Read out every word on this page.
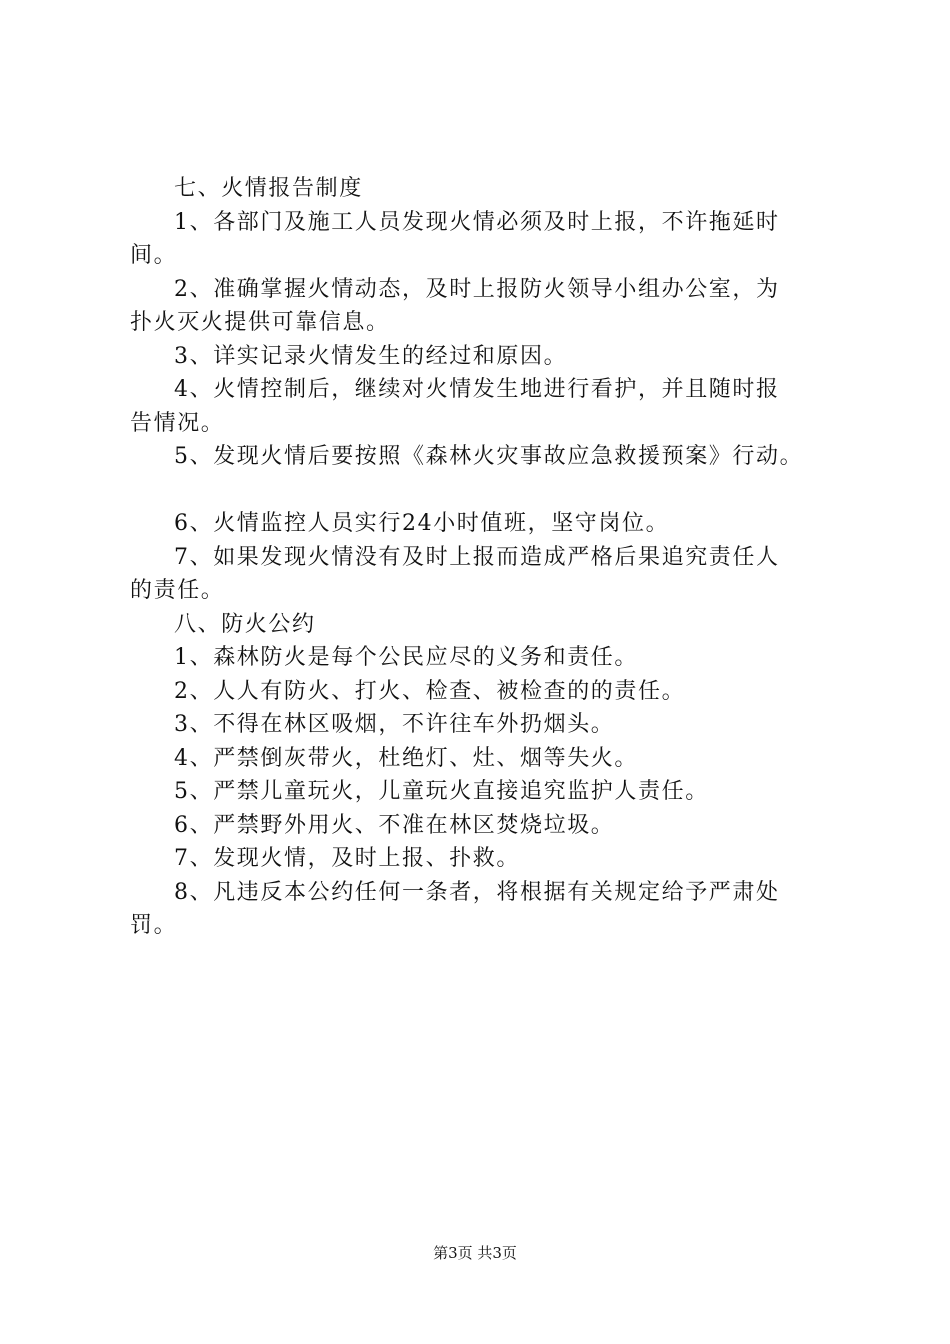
七、火情报告制度
1、各部门及施工人员发现火情必须及时上报，不许拖延时
间。
2、准确掌握火情动态，及时上报防火领导小组办公室，为
扑火灭火提供可靠信息。
3、详实记录火情发生的经过和原因。
4、火情控制后，继续对火情发生地进行看护，并且随时报
告情况。
5、发现火情后要按照《森林火灾事故应急救援预案》行动。
6、火情监控人员实行24小时值班，坚守岗位。
7、如果发现火情没有及时上报而造成严格后果追究责任人
的责任。
八、防火公约
1、森林防火是每个公民应尽的义务和责任。
2、人人有防火、打火、检查、被检查的的责任。
3、不得在林区吸烟，不许往车外扔烟头。
4、严禁倒灰带火，杜绝灯、灶、烟等失火。
5、严禁儿童玩火，儿童玩火直接追究监护人责任。
6、严禁野外用火、不准在林区焚烧垃圾。
7、发现火情，及时上报、扑救。
8、凡违反本公约任何一条者，将根据有关规定给予严肃处
罚。
第3页 共3页
